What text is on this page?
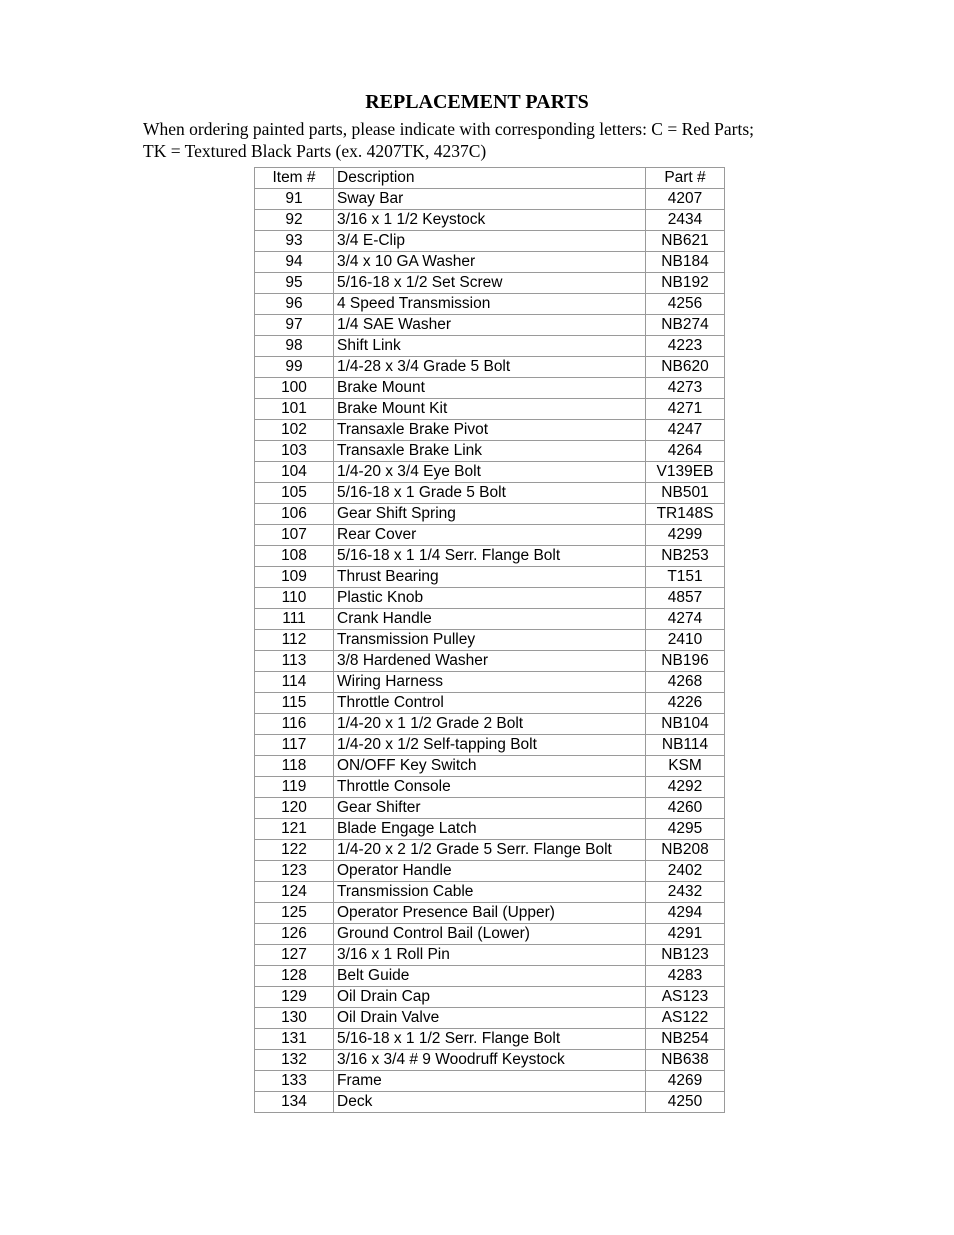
REPLACEMENT PARTS

When ordering painted parts, please indicate with corresponding letters: C = Red Parts;

TK = Textured Black Parts (ex. 4207TK, 4237C)

Item #	Description	Part #
91	Sway Bar	4207
92	3/16 x 1 1/2 Keystock	2434
93	3/4 E-Clip	NB621
94	3/4 x 10 GA Washer	NB184
95	5/16-18 x 1/2 Set Screw	NB192
96	4 Speed Transmission	4256
97	1/4 SAE Washer	NB274
98	Shift Link	4223
99	1/4-28 x 3/4 Grade 5 Bolt	NB620
100	Brake Mount	4273
101	Brake Mount Kit	4271
102	Transaxle Brake Pivot	4247
103	Transaxle Brake Link	4264
104	1/4-20 x 3/4 Eye Bolt	V139EB
105	5/16-18 x 1 Grade 5 Bolt	NB501
106	Gear Shift Spring	TR148S
107	Rear Cover	4299
108	5/16-18 x 1 1/4 Serr. Flange Bolt	NB253
109	Thrust Bearing	T151
110	Plastic Knob	4857
111	Crank Handle	4274
112	Transmission Pulley	2410
113	3/8 Hardened Washer	NB196
114	Wiring Harness	4268
115	Throttle Control	4226
116	1/4-20 x 1 1/2 Grade 2 Bolt	NB104
117	1/4-20 x 1/2 Self-tapping Bolt	NB114
118	ON/OFF Key Switch	KSM
119	Throttle Console	4292
120	Gear Shifter	4260
121	Blade Engage Latch	4295
122	1/4-20 x 2 1/2 Grade 5 Serr. Flange Bolt	NB208
123	Operator Handle	2402
124	Transmission Cable	2432
125	Operator Presence Bail (Upper)	4294
126	Ground Control Bail (Lower)	4291
127	3/16 x 1 Roll Pin	NB123
128	Belt Guide	4283
129	Oil Drain Cap	AS123
130	Oil Drain Valve	AS122
131	5/16-18 x 1 1/2 Serr. Flange Bolt	NB254
132	3/16 x 3/4 # 9 Woodruff Keystock	NB638
133	Frame	4269
134	Deck	4250
